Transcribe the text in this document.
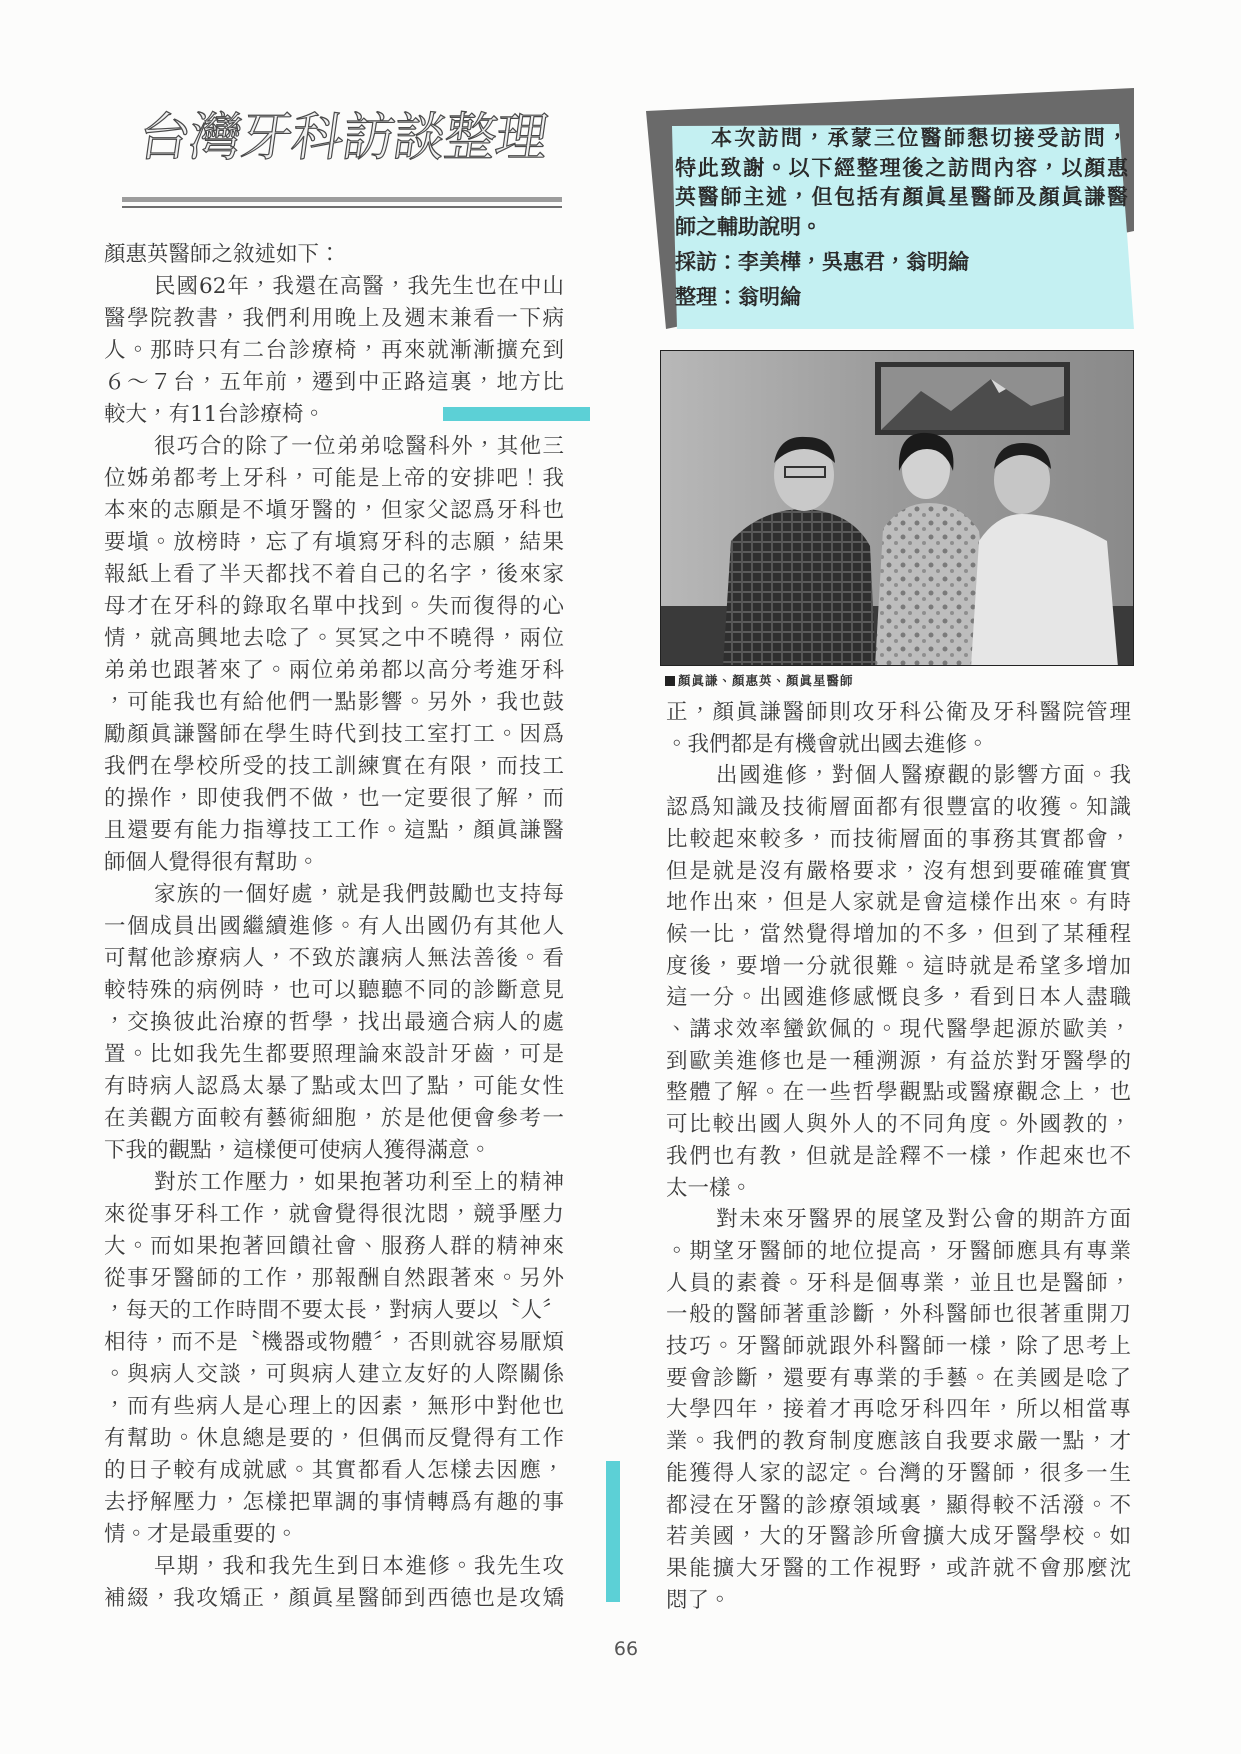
台灣牙科訪談整理
顏惠英醫師之敘述如下：
民國62年，我還在高醫，我先生也在中山
醫學院教書，我們利用晚上及週末兼看一下病
人。那時只有二台診療椅，再來就漸漸擴充到
６～７台，五年前，遷到中正路這裏，地方比
較大，有11台診療椅。
很巧合的除了一位弟弟唸醫科外，其他三
位姊弟都考上牙科，可能是上帝的安排吧！我
本來的志願是不塡牙醫的，但家父認爲牙科也
要塡。放榜時，忘了有塡寫牙科的志願，結果
報紙上看了半天都找不着自己的名字，後來家
母才在牙科的錄取名單中找到。失而復得的心
情，就高興地去唸了。冥冥之中不曉得，兩位
弟弟也跟著來了。兩位弟弟都以高分考進牙科
，可能我也有給他們一點影響。另外，我也鼓
勵顏眞謙醫師在學生時代到技工室打工。因爲
我們在學校所受的技工訓練實在有限，而技工
的操作，即使我們不做，也一定要很了解，而
且還要有能力指導技工工作。這點，顏眞謙醫
師個人覺得很有幫助。
家族的一個好處，就是我們鼓勵也支持每
一個成員出國繼續進修。有人出國仍有其他人
可幫他診療病人，不致於讓病人無法善後。看
較特殊的病例時，也可以聽聽不同的診斷意見
，交換彼此治療的哲學，找出最適合病人的處
置。比如我先生都要照理論來設計牙齒，可是
有時病人認爲太暴了點或太凹了點，可能女性
在美觀方面較有藝術細胞，於是他便會參考一
下我的觀點，這樣便可使病人獲得滿意。
對於工作壓力，如果抱著功利至上的精神
來從事牙科工作，就會覺得很沈悶，競爭壓力
大。而如果抱著回饋社會、服務人群的精神來
從事牙醫師的工作，那報酬自然跟著來。另外
，每天的工作時間不要太長，對病人要以〝人〞
相待，而不是〝機器或物體〞，否則就容易厭煩
。與病人交談，可與病人建立友好的人際關係
，而有些病人是心理上的因素，無形中對他也
有幫助。休息總是要的，但偶而反覺得有工作
的日子較有成就感。其實都看人怎樣去因應，
去抒解壓力，怎樣把單調的事情轉爲有趣的事
情。才是最重要的。
早期，我和我先生到日本進修。我先生攻
補綴，我攻矯正，顏眞星醫師到西德也是攻矯
本次訪問，承蒙三位醫師懇切接受訪問，
特此致謝。以下經整理後之訪問內容，以顏惠
英醫師主述，但包括有顏眞星醫師及顏眞謙醫
師之輔助說明。
採訪：李美樺，吳惠君，翁明綸
整理：翁明綸
顏眞謙、顏惠英、顏眞星醫師
正，顏眞謙醫師則攻牙科公衛及牙科醫院管理
。我們都是有機會就出國去進修。
出國進修，對個人醫療觀的影響方面。我
認爲知識及技術層面都有很豐富的收獲。知識
比較起來較多，而技術層面的事務其實都會，
但是就是沒有嚴格要求，沒有想到要確確實實
地作出來，但是人家就是會這樣作出來。有時
候一比，當然覺得增加的不多，但到了某種程
度後，要增一分就很難。這時就是希望多增加
這一分。出國進修感慨良多，看到日本人盡職
、講求效率蠻欽佩的。現代醫學起源於歐美，
到歐美進修也是一種溯源，有益於對牙醫學的
整體了解。在一些哲學觀點或醫療觀念上，也
可比較出國人與外人的不同角度。外國教的，
我們也有教，但就是詮釋不一樣，作起來也不
太一樣。
對未來牙醫界的展望及對公會的期許方面
。期望牙醫師的地位提高，牙醫師應具有專業
人員的素養。牙科是個專業，並且也是醫師，
一般的醫師著重診斷，外科醫師也很著重開刀
技巧。牙醫師就跟外科醫師一樣，除了思考上
要會診斷，還要有專業的手藝。在美國是唸了
大學四年，接着才再唸牙科四年，所以相當專
業。我們的教育制度應該自我要求嚴一點，才
能獲得人家的認定。台灣的牙醫師，很多一生
都浸在牙醫的診療領域裏，顯得較不活潑。不
若美國，大的牙醫診所會擴大成牙醫學校。如
果能擴大牙醫的工作視野，或許就不會那麼沈
悶了。
66
